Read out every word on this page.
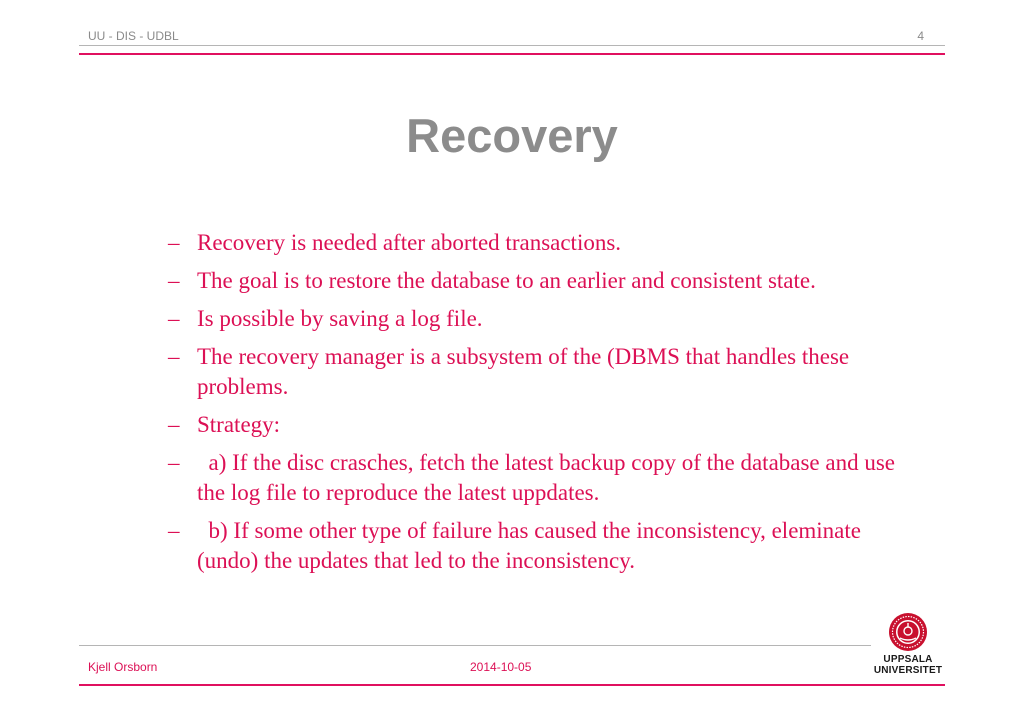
UU - DIS - UDBL	4
Recovery
– Recovery is needed after aborted transactions.
– The goal is to restore the database to an earlier and consistent state.
– Is possible by saving a log file.
– The recovery manager is a subsystem of the (DBMS that handles these problems.
– Strategy:
– a) If the disc crasches, fetch the latest backup copy of the database and use the log file to reproduce the latest uppdates.
– b) If some other type of failure has caused the inconsistency, eleminate (undo) the updates that led to the inconsistency.
Kjell Orsborn	2014-10-05
UPPSALA
UNIVERSITET
